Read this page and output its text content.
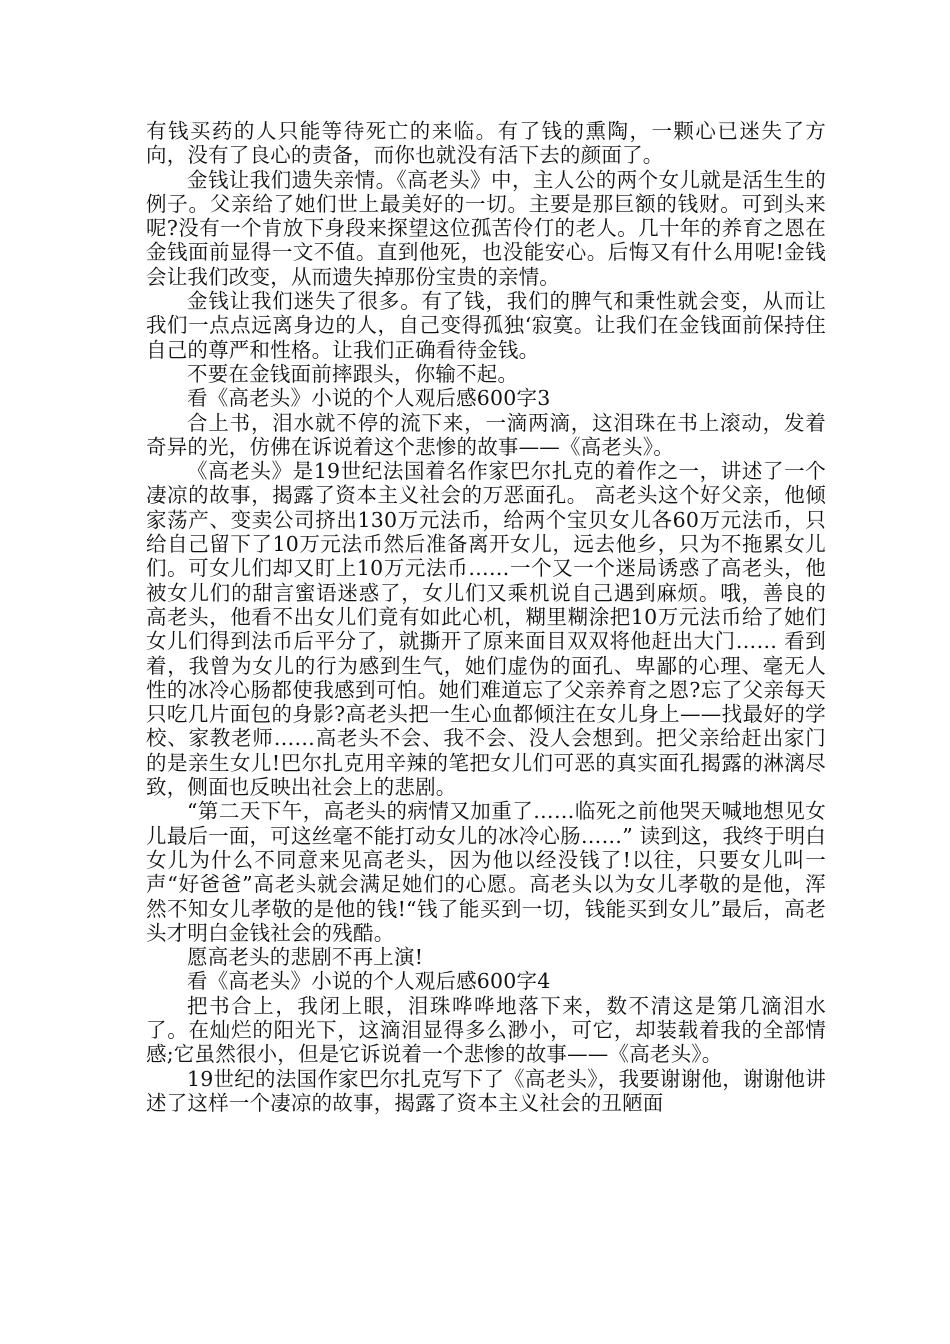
有钱买药的人只能等待死亡的来临。有了钱的熏陶，一颗心已迷失了方向，没有了良心的责备，而你也就没有活下去的颜面了。

金钱让我们遗失亲情。《高老头》中，主人公的两个女儿就是活生生的例子。父亲给了她们世上最美好的一切。主要是那巨额的钱财。可到头来呢?没有一个肯放下身段来探望这位孤苦伶仃的老人。几十年的养育之恩在金钱面前显得一文不值。直到他死，也没能安心。后悔又有什么用呢!金钱会让我们改变，从而遗失掉那份宝贵的亲情。

金钱让我们迷失了很多。有了钱，我们的脾气和秉性就会变，从而让我们一点点远离身边的人，自己变得孤独‘寂寞。让我们在金钱面前保持住自己的尊严和性格。让我们正确看待金钱。

不要在金钱面前摔跟头，你输不起。

看《高老头》小说的个人观后感600字3

合上书，泪水就不停的流下来，一滴两滴，这泪珠在书上滚动，发着奇异的光，仿佛在诉说着这个悲惨的故事——《高老头》。

《高老头》是19世纪法国着名作家巴尔扎克的着作之一，讲述了一个凄凉的故事，揭露了资本主义社会的万恶面孔。 高老头这个好父亲，他倾家荡产、变卖公司挤出130万元法币，给两个宝贝女儿各60万元法币，只给自己留下了10万元法币然后准备离开女儿，远去他乡，只为不拖累女儿们。可女儿们却又盯上10万元法币……一个又一个迷局诱惑了高老头，他被女儿们的甜言蜜语迷惑了，女儿们又乘机说自己遇到麻烦。哦，善良的高老头，他看不出女儿们竟有如此心机，糊里糊涂把10万元法币给了她们女儿们得到法币后平分了，就撕开了原来面目双双将他赶出大门…… 看到着，我曾为女儿的行为感到生气，她们虚伪的面孔、卑鄙的心理、毫无人性的冰冷心肠都使我感到可怕。她们难道忘了父亲养育之恩?忘了父亲每天只吃几片面包的身影?高老头把一生心血都倾注在女儿身上——找最好的学校、家教老师……高老头不会、我不会、没人会想到。把父亲给赶出家门的是亲生女儿!巴尔扎克用辛辣的笔把女儿们可恶的真实面孔揭露的淋漓尽致，侧面也反映出社会上的悲剧。

“第二天下午，高老头的病情又加重了……临死之前他哭天喊地想见女儿最后一面，可这丝毫不能打动女儿的冰冷心肠……” 读到这，我终于明白女儿为什么不同意来见高老头，因为他以经没钱了!以往，只要女儿叫一声“好爸爸”高老头就会满足她们的心愿。高老头以为女儿孝敬的是他，浑然不知女儿孝敬的是他的钱!“钱了能买到一切，钱能买到女儿”最后，高老头才明白金钱社会的残酷。

愿高老头的悲剧不再上演!

看《高老头》小说的个人观后感600字4

把书合上，我闭上眼，泪珠哗哗地落下来，数不清这是第几滴泪水了。在灿烂的阳光下，这滴泪显得多么渺小，可它，却装载着我的全部情感;它虽然很小，但是它诉说着一个悲惨的故事——《高老头》。

19世纪的法国作家巴尔扎克写下了《高老头》，我要谢谢他，谢谢他讲述了这样一个凄凉的故事，揭露了资本主义社会的丑陋面
